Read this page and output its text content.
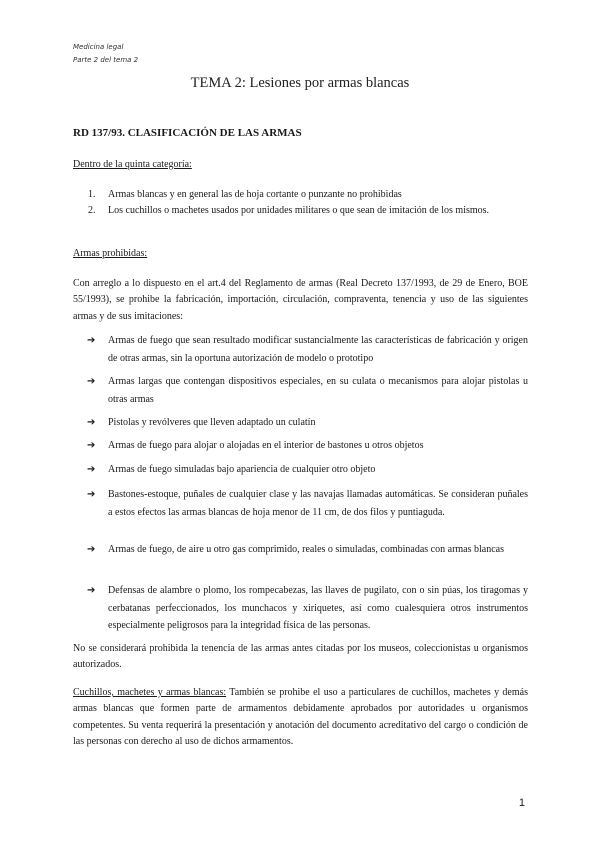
Medicina legal
Parte 2 del tema 2
TEMA 2: Lesiones por armas blancas
RD 137/93. CLASIFICACIÓN DE LAS ARMAS
Dentro de la quinta categoría:
1. Armas blancas y en general las de hoja cortante o punzante no prohibidas
2. Los cuchillos o machetes usados por unidades militares o que sean de imitación de los mismos.
Armas prohibidas:
Con arreglo a lo dispuesto en el art.4 del Reglamento de armas (Real Decreto 137/1993, de 29 de Enero, BOE 55/1993), se prohibe la fabricación, importación, circulación, compraventa, tenencia y uso de las siguientes armas y de sus imitaciones:
➔ Armas de fuego que sean resultado modificar sustancialmente las características de fabricación y origen de otras armas, sin la oportuna autorización de modelo o prototipo
➔ Armas largas que contengan dispositivos especiales, en su culata o mecanismos para alojar pistolas u otras armas
➔ Pistolas y revólveres que lleven adaptado un culatín
➔ Armas de fuego para alojar o alojadas en el interior de bastones u otros objetos
➔ Armas de fuego simuladas bajo apariencia de cualquier otro objeto
➔ Bastones-estoque, puñales de cualquier clase y las navajas llamadas automáticas. Se consideran puñales a estos efectos las armas blancas de hoja menor de 11 cm, de dos filos y puntiaguda.
➔ Armas de fuego, de aire u otro gas comprimido, reales o simuladas, combinadas con armas blancas
➔ Defensas de alambre o plomo, los rompecabezas, las llaves de pugilato, con o sin púas, los tiragomas y cerbatanas perfeccionados, los munchacos y xiriquetes, así como cualesquiera otros instrumentos especialmente peligrosos para la integridad física de las personas.
No se considerará prohibida la tenencia de las armas antes citadas por los museos, coleccionistas u organismos autorizados.
Cuchillos, machetes y armas blancas: También se prohibe el uso a particulares de cuchillos, machetes y demás armas blancas que formen parte de armamentos debidamente aprobados por autoridades u organismos competentes. Su venta requerirá la presentación y anotación del documento acreditativo del cargo o condición de las personas con derecho al uso de dichos armamentos.
1
